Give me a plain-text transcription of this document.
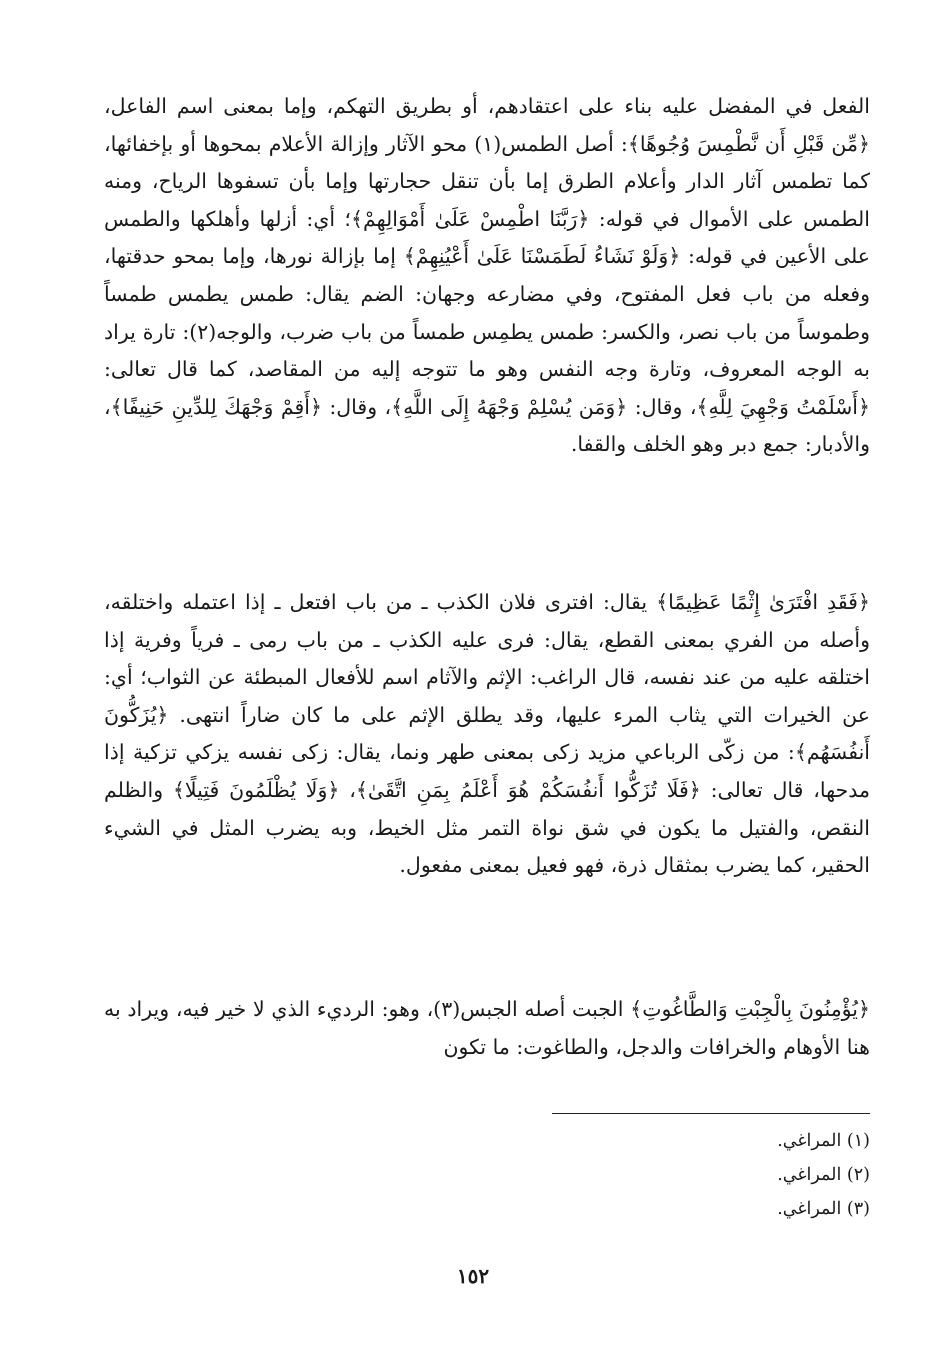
الفعل في المفضل عليه بناء على اعتقادهم، أو بطريق التهكم، وإما بمعنى اسم الفاعل، ﴿مِّن قَبْلِ أَن نَّطْمِسَ وُجُوهًا﴾: أصل الطمس(١) محو الآثار وإزالة الأعلام بمحوها أو بإخفائها، كما تطمس آثار الدار وأعلام الطرق إما بأن تنقل حجارتها وإما بأن تسفوها الرياح، ومنه الطمس على الأموال في قوله: ﴿رَبَّنَا اطْمِسْ عَلَىٰ أَمْوَالِهِمْ﴾؛ أي: أزلها وأهلكها والطمس على الأعين في قوله: ﴿وَلَوْ نَشَاءُ لَطَمَسْنَا عَلَىٰ أَعْيُنِهِمْ﴾ إما بإزالة نورها، وإما بمحو حدقتها، وفعله من باب فعل المفتوح، وفي مضارعه وجهان: الضم يقال: طمس يطمس طمساً وطموساً من باب نصر، والكسر: طمس يطمِس طمساً من باب ضرب، والوجه(٢): تارة يراد به الوجه المعروف، وتارة وجه النفس وهو ما تتوجه إليه من المقاصد، كما قال تعالى: ﴿أَسْلَمْتُ وَجْهِيَ لِلَّهِ﴾، وقال: ﴿وَمَن يُسْلِمْ وَجْهَهُ إِلَى اللَّهِ﴾، وقال: ﴿أَقِمْ وَجْهَكَ لِلدِّينِ حَنِيفًا﴾، والأدبار: جمع دبر وهو الخلف والقفا.

﴿فَقَدِ افْتَرَىٰ إِثْمًا عَظِيمًا﴾ يقال: افترى فلان الكذب ـ من باب افتعل ـ إذا اعتمله واختلقه، وأصله من الفري بمعنى القطع، يقال: فرى عليه الكذب ـ من باب رمى ـ فرياً وفرية إذا اختلقه عليه من عند نفسه، قال الراغب: الإثم والآثام اسم للأفعال المبطئة عن الثواب؛ أي: عن الخيرات التي يثاب المرء عليها، وقد يطلق الإثم على ما كان ضاراً انتهى. ﴿يُزَكُّونَ أَنفُسَهُم﴾: من زكّى الرباعي مزيد زكى بمعنى طهر ونما، يقال: زكى نفسه يزكي تزكية إذا مدحها، قال تعالى: ﴿فَلَا تُزَكُّوا أَنفُسَكُمْ هُوَ أَعْلَمُ بِمَنِ اتَّقَىٰ﴾، ﴿وَلَا يُظْلَمُونَ فَتِيلًا﴾ والظلم النقص، والفتيل ما يكون في شق نواة التمر مثل الخيط، وبه يضرب المثل في الشيء الحقير، كما يضرب بمثقال ذرة، فهو فعيل بمعنى مفعول.

﴿يُؤْمِنُونَ بِالْجِبْتِ وَالطَّاغُوتِ﴾ الجبت أصله الجبس(٣)، وهو: الرديء الذي لا خير فيه، ويراد به هنا الأوهام والخرافات والدجل، والطاغوت: ما تكون

(١) المراغي.
(٢) المراغي.
(٣) المراغي.
١٥٢
